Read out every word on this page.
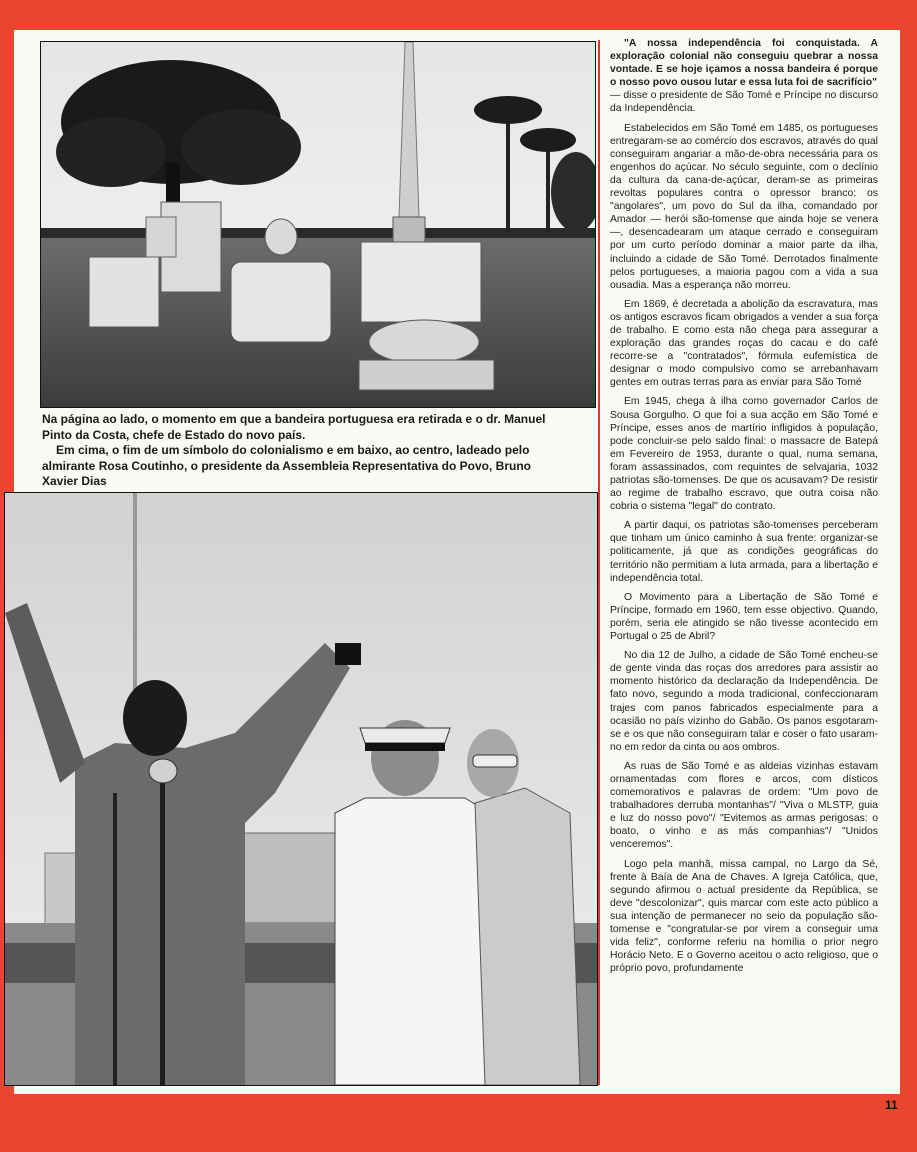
Na página ao lado, o momento em que a bandeira portuguesa era retirada e o dr. Manuel Pinto da Costa, chefe de Estado do novo país.

Em cima, o fim de um símbolo do colonialismo e em baixo, ao centro, ladeado pelo almirante Rosa Coutinho, o presidente da Assembleia Representativa do Povo, Bruno Xavier Dias

"A nossa independência foi conquistada. A exploração colonial não conseguiu quebrar a nossa vontade. E se hoje içamos a nossa bandeira é porque o nosso povo ousou lutar e essa luta foi de sacrifício"

— disse o presidente de São Tomé e Príncipe no discurso da Independência.

Estabelecidos em São Tomé em 1485, os portugueses entregaram-se ao comércio dos escravos, através do qual conseguiram angariar a mão-de-obra necessária para os engenhos do açúcar. No século seguinte, com o declínio da cultura da cana-de-açúcar, deram-se as primeiras revoltas populares contra o opressor branco: os "angolares", um povo do Sul da ilha, comandado por Amador — herói são-tomense que ainda hoje se venera —, desencadearam um ataque cerrado e conseguiram por um curto período dominar a maior parte da ilha, incluindo a cidade de São Tomé. Derrotados finalmente pelos portugueses, a maioria pagou com a vida a sua ousadia. Mas a esperança não morreu.

Em 1869, é decretada a abolição da escravatura, mas os antigos escravos ficam obrigados a vender a sua força de trabalho. E como esta não chega para assegurar a exploração das grandes roças do cacau e do café recorre-se a "contratados", fórmula eufemística de designar o modo compulsivo como se arrebanhavam gentes em outras terras para as enviar para São Tomé

Em 1945, chega à ilha como governador Carlos de Sousa Gorgulho. O que foi a sua acção em São Tomé e Príncipe, esses anos de martírio infligidos à população, pode concluir-se pelo saldo final: o massacre de Batepá em Fevereiro de 1953, durante o qual, numa semana, foram assassinados, com requintes de selvajaria, 1032 patriotas são-tomenses. De que os acusavam? De resistir ao regime de trabalho escravo, que outra coisa não cobria o sistema "legal" do contrato.

A partir daqui, os patriotas são-tomenses perceberam que tinham um único caminho à sua frente: organizar-se politicamente, já que as condições geográficas do território não permitiam a luta armada, para a libertação e independência total.

O Movimento para a Libertação de São Tomé e Príncipe, formado em 1960, tem esse objectivo. Quando, porém, seria ele atingido se não tivesse acontecido em Portugal o 25 de Abril?

No dia 12 de Julho, a cidade de São Tomé encheu-se de gente vinda das roças dos arredores para assistir ao momento histórico da declaração da Independência. De fato novo, segundo a moda tradicional, confeccionaram trajes com panos fabricados especialmente para a ocasião no país vizinho do Gabão. Os panos esgotaram-se e os que não conseguiram talar e coser o fato usaram-no em redor da cinta ou aos ombros.

As ruas de São Tomé e as aldeias vizinhas estavam ornamentadas com flores e arcos, com dísticos comemorativos e palavras de ordem: "Um povo de trabalhadores derruba montanhas"/ "Viva o MLSTP, guia e luz do nosso povo"/ "Evitemos as armas perigosas: o boato, o vinho e as más companhias"/ "Unidos venceremos".

Logo pela manhã, missa campal, no Largo da Sé, frente à Baía de Ana de Chaves. A Igreja Católica, que, segundo afirmou o actual presidente da República, se deve "descolonizar", quis marcar com este acto público a sua intenção de permanecer no seio da população são-tomense e "congratular-se por virem a conseguir uma vida feliz", conforme referiu na homília o prior negro Horácio Neto. E o Governo aceitou o acto religioso, que o próprio povo, profundamente

11
